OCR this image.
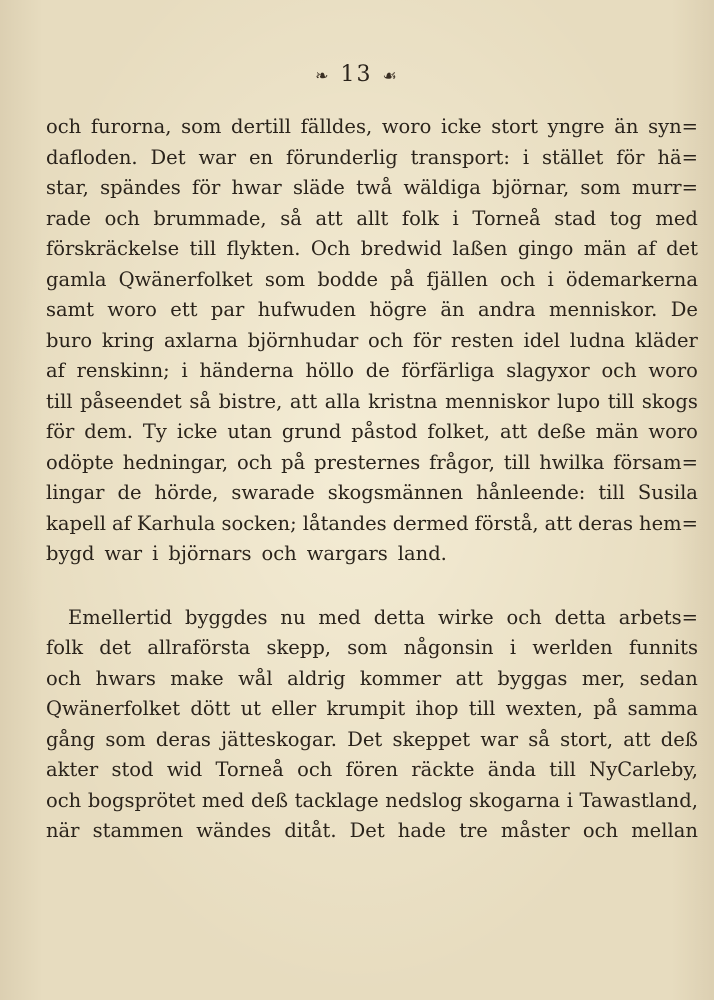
❧ 13 ☙
och furorna, som dertill fälldes, woro icke stort yngre än syn=
dafloden. Det war en förunderlig transport: i stället för hä=
star, spändes för hwar släde twå wäldiga björnar, som murr=
rade och brummade, så att allt folk i Torneå stad tog med
förskräckelse till flykten. Och bredwid laßen gingo män af det
gamla Qwänerfolket som bodde på fjällen och i ödemarkerna
samt woro ett par hufwuden högre än andra menniskor. De
buro kring axlarna björnhudar och för resten idel ludna kläder
af renskinn; i händerna höllo de förfärliga slagyxor och woro
till påseendet så bistre, att alla kristna menniskor lupo till skogs
för dem. Ty icke utan grund påstod folket, att deße män woro
odöpte hedningar, och på presternes frågor, till hwilka försam=
lingar de hörde, swarade skogsmännen hånleende: till Susila
kapell af Karhula socken; låtandes dermed förstå, att deras hem=
bygd war i björnars och wargars land.
Emellertid byggdes nu med detta wirke och detta arbets=
folk det allraförsta skepp, som någonsin i werlden funnits
och hwars make wål aldrig kommer att byggas mer, sedan
Qwänerfolket dött ut eller krumpit ihop till wexten, på samma
gång som deras jätteskogar. Det skeppet war så stort, att deß
akter stod wid Torneå och fören räckte ända till NyCarleby,
och bogsprötet med deß tacklage nedslog skogarna i Tawastland,
när stammen wändes ditåt. Det hade tre måster och mellan
